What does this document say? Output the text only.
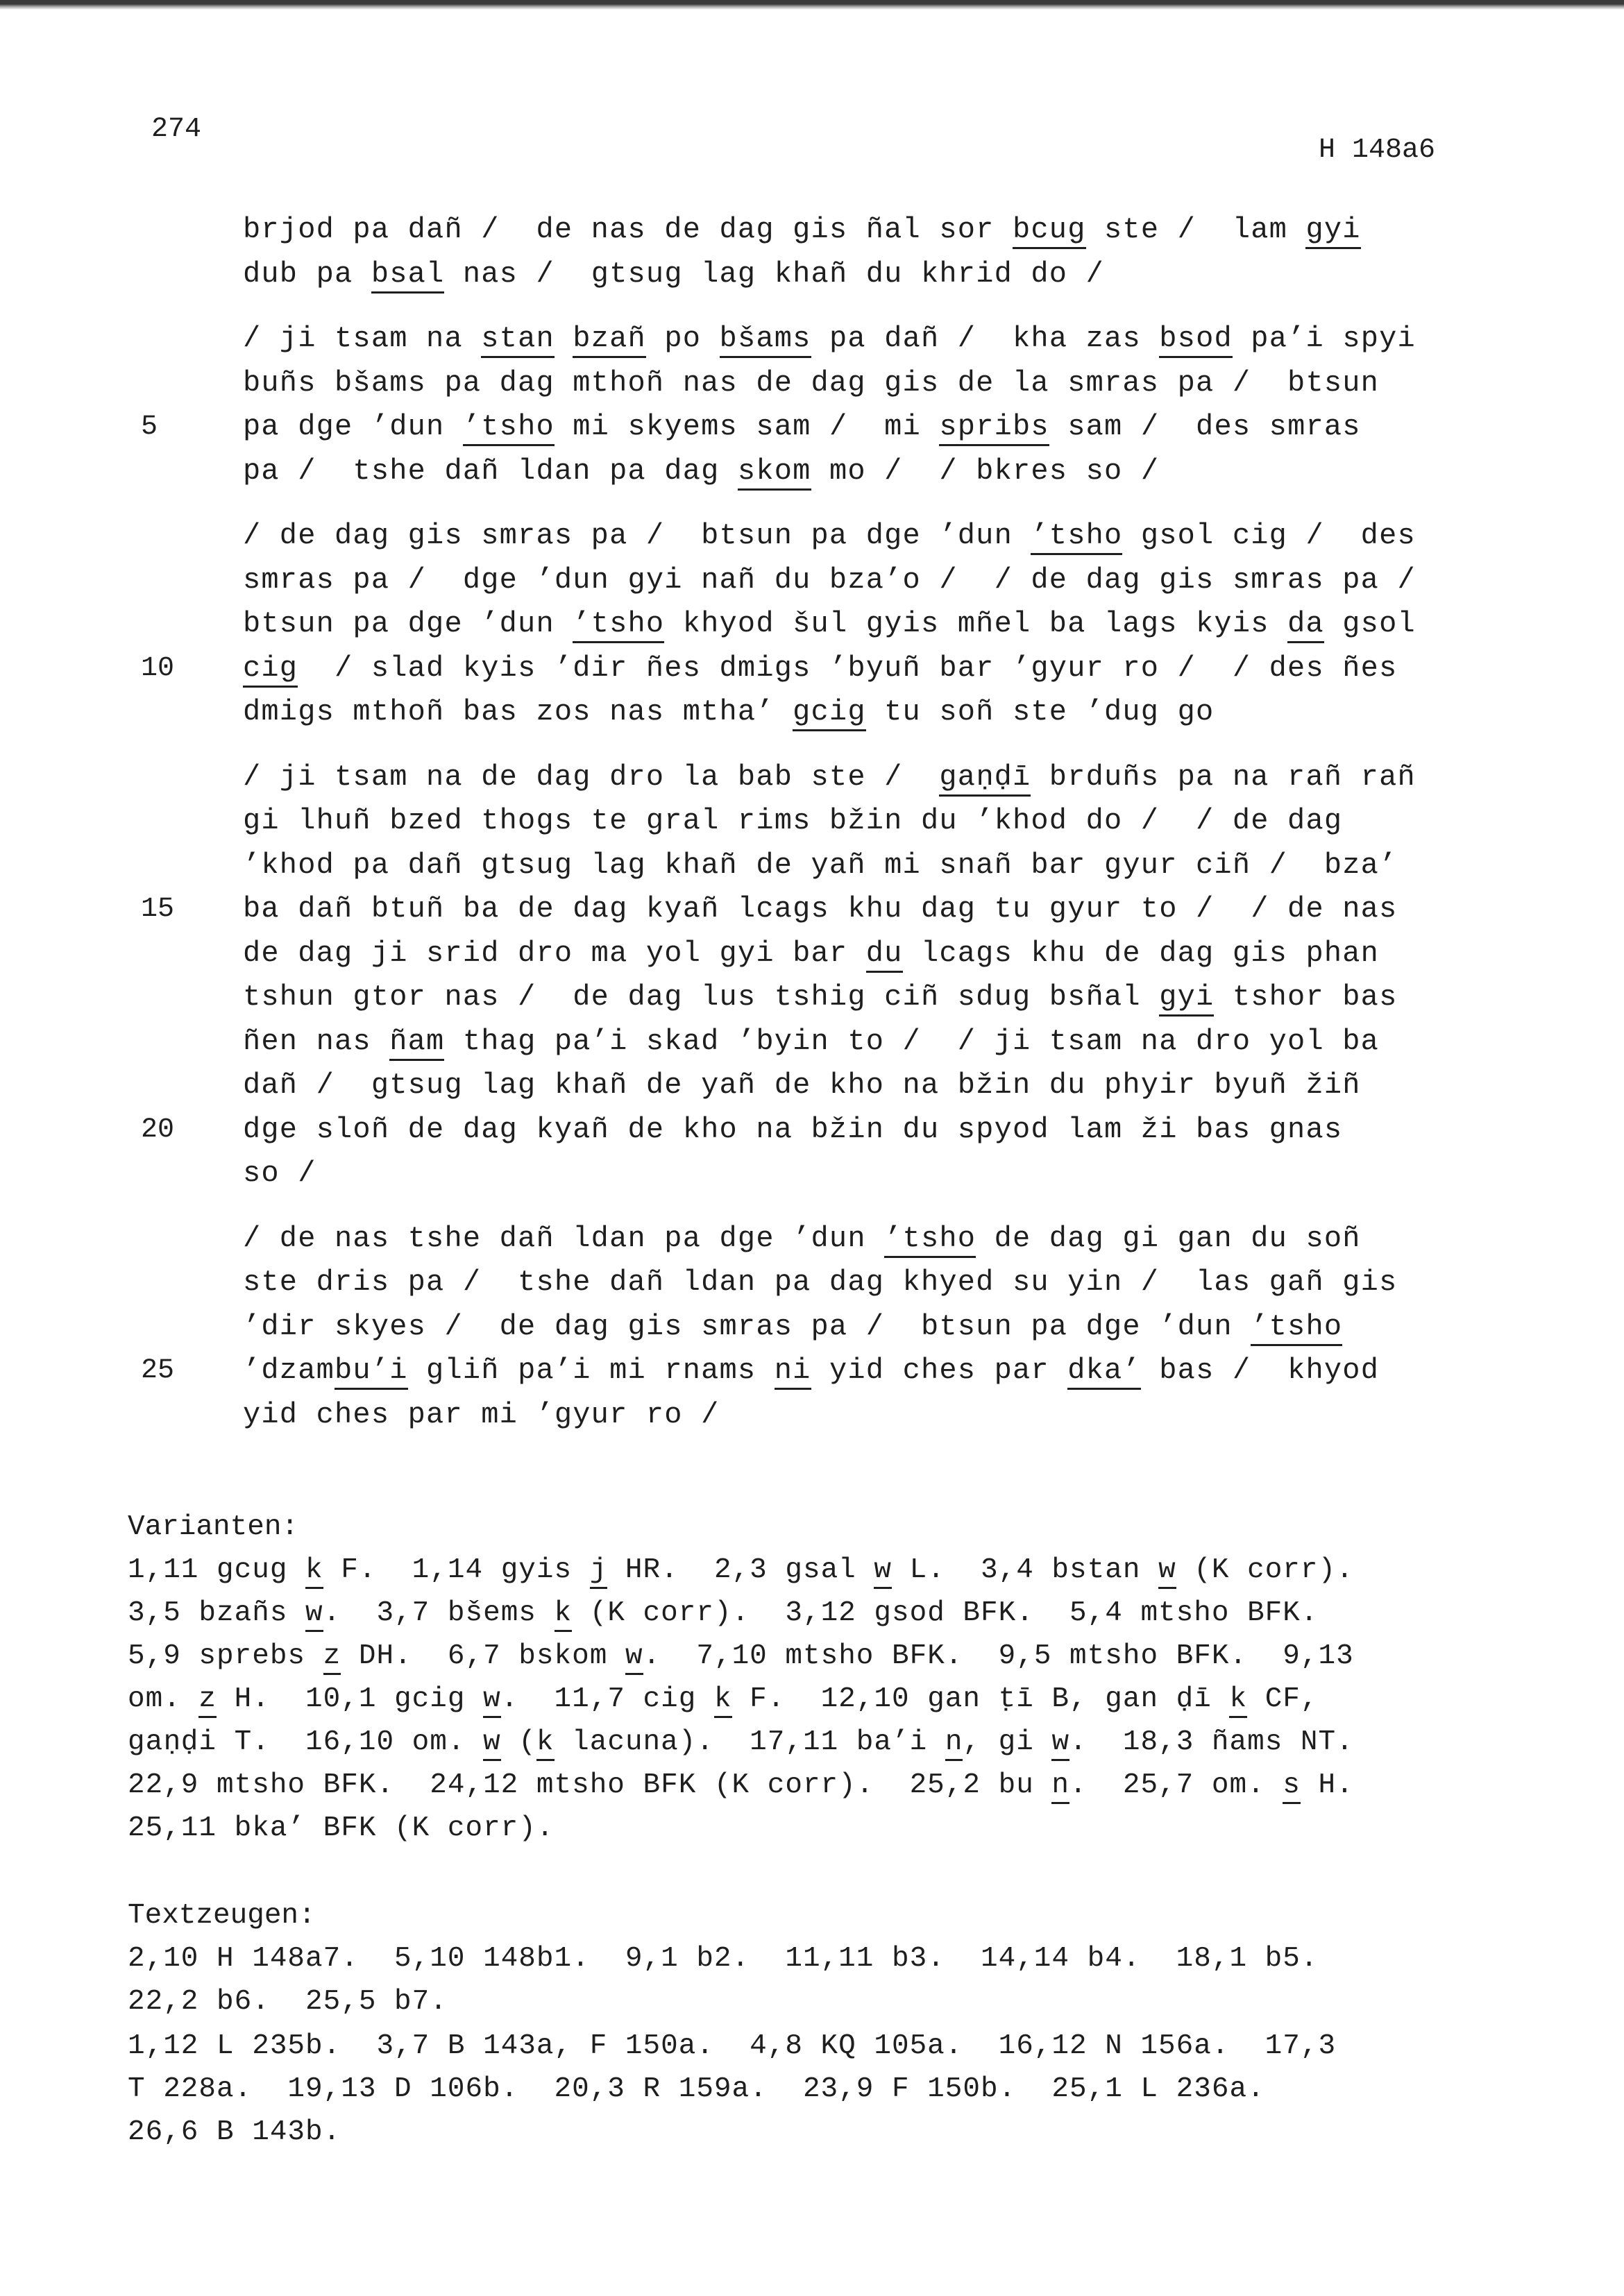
274
H 148a6
brjod pa dañ /  de nas de dag gis ñal sor bcug ste /  lam gyi
dub pa bsal nas /  gtsug lag khañ du khrid do /
/ ji tsam na stan bzañ po bšams pa dañ /  kha zas bsod pa’i spyi
buñs bšams pa dag mthoñ nas de dag gis de la smras pa /  btsun
5	pa dge ’dun ’tsho mi skyems sam /  mi spribs sam /  des smras
pa /  tshe dañ ldan pa dag skom mo /  / bkres so /
/ de dag gis smras pa /  btsun pa dge ’dun ’tsho gsol cig /  des
smras pa /  dge ’dun gyi nañ du bza’o /  / de dag gis smras pa /
btsun pa dge ’dun ’tsho khyod šul gyis mñel ba lags kyis da gsol
10 cig  / slad kyis ’dir ñes dmigs ’byuñ bar ’gyur ro /  / des ñes
dmigs mthoñ bas zos nas mtha’ gcig tu soñ ste ’dug go
/ ji tsam na de dag dro la bab ste /  gaṇḍī brduñs pa na rañ rañ
gi lhuñ bzed thogs te gral rims bžin du ’khod do /  / de dag
’khod pa dañ gtsug lag khañ de yañ mi snañ bar gyur ciñ /  bza’
15 ba dañ btuñ ba de dag kyañ lcags khu dag tu gyur to /  / de nas
de dag ji srid dro ma yol gyi bar du lcags khu de dag gis phan
tshun gtor nas /  de dag lus tshig ciñ sdug bsñal gyi tshor bas
ñen nas ñam thag pa’i skad ’byin to /  / ji tsam na dro yol ba
dañ /  gtsug lag khañ de yañ de kho na bžin du phyir byuñ žiñ
20 dge sloñ de dag kyañ de kho na bžin du spyod lam ži bas gnas
so /
/ de nas tshe dañ ldan pa dge ’dun ’tsho de dag gi gan du soñ
ste dris pa /  tshe dañ ldan pa dag khyed su yin /  las gañ gis
’dir skyes /  de dag gis smras pa /  btsun pa dge ’dun ’tsho
25 ’dzambu’i gliñ pa’i mi rnams ni yid ches par dka’ bas /  khyod
yid ches par mi ’gyur ro /
Varianten:
1,11 gcug k F.  1,14 gyis j HR.  2,3 gsal w L.  3,4 bstan w (K corr).
3,5 bzañs w.  3,7 bšems k (K corr).  3,12 gsod BFK.  5,4 mtsho BFK.
5,9 sprebs z DH.  6,7 bskom w.  7,10 mtsho BFK.  9,5 mtsho BFK.  9,13
om. z H.  10,1 gcig w.  11,7 cig k F.  12,10 gan ṭī B, gan ḍī k CF,
gaṇḍi T.  16,10 om. w (k lacuna).  17,11 ba’i n, gi w.  18,3 ñams NT.
22,9 mtsho BFK.  24,12 mtsho BFK (K corr).  25,2 bu n.  25,7 om. s H.
25,11 bka’ BFK (K corr).
Textzeugen:
2,10 H 148a7.  5,10 148b1.  9,1 b2.  11,11 b3.  14,14 b4.  18,1 b5.
22,2 b6.  25,5 b7.
1,12 L 235b.  3,7 B 143a, F 150a.  4,8 KQ 105a.  16,12 N 156a.  17,3
T 228a.  19,13 D 106b.  20,3 R 159a.  23,9 F 150b.  25,1 L 236a.
26,6 B 143b.
